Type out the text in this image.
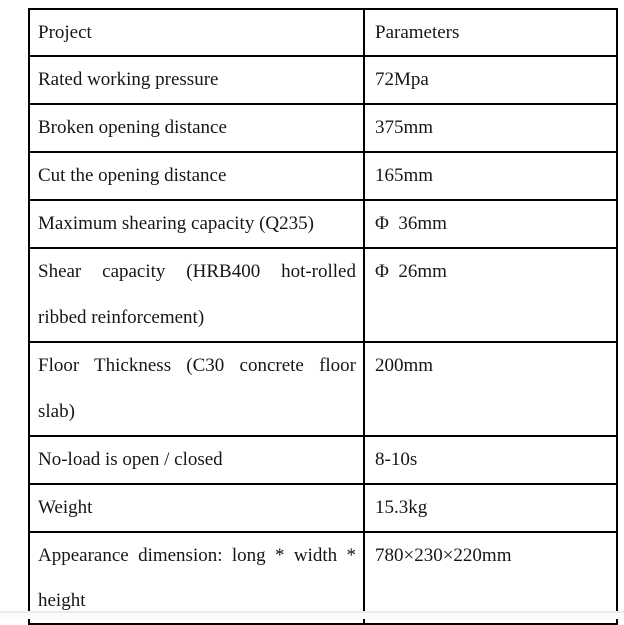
Project	Parameters

Rated working pressure	72Mpa

Broken opening distance	375mm

Cut the opening distance	165mm

Maximum shearing capacity (Q235)	Φ  36mm

Shear capacity (HRB400 hot-rolled
ribbed reinforcement)	Φ  26mm

Floor Thickness (C30 concrete floor
slab)	200mm

No-load is open / closed	8-10s

Weight	15.3kg

Appearance dimension: long * width *
height	780×230×220mm
